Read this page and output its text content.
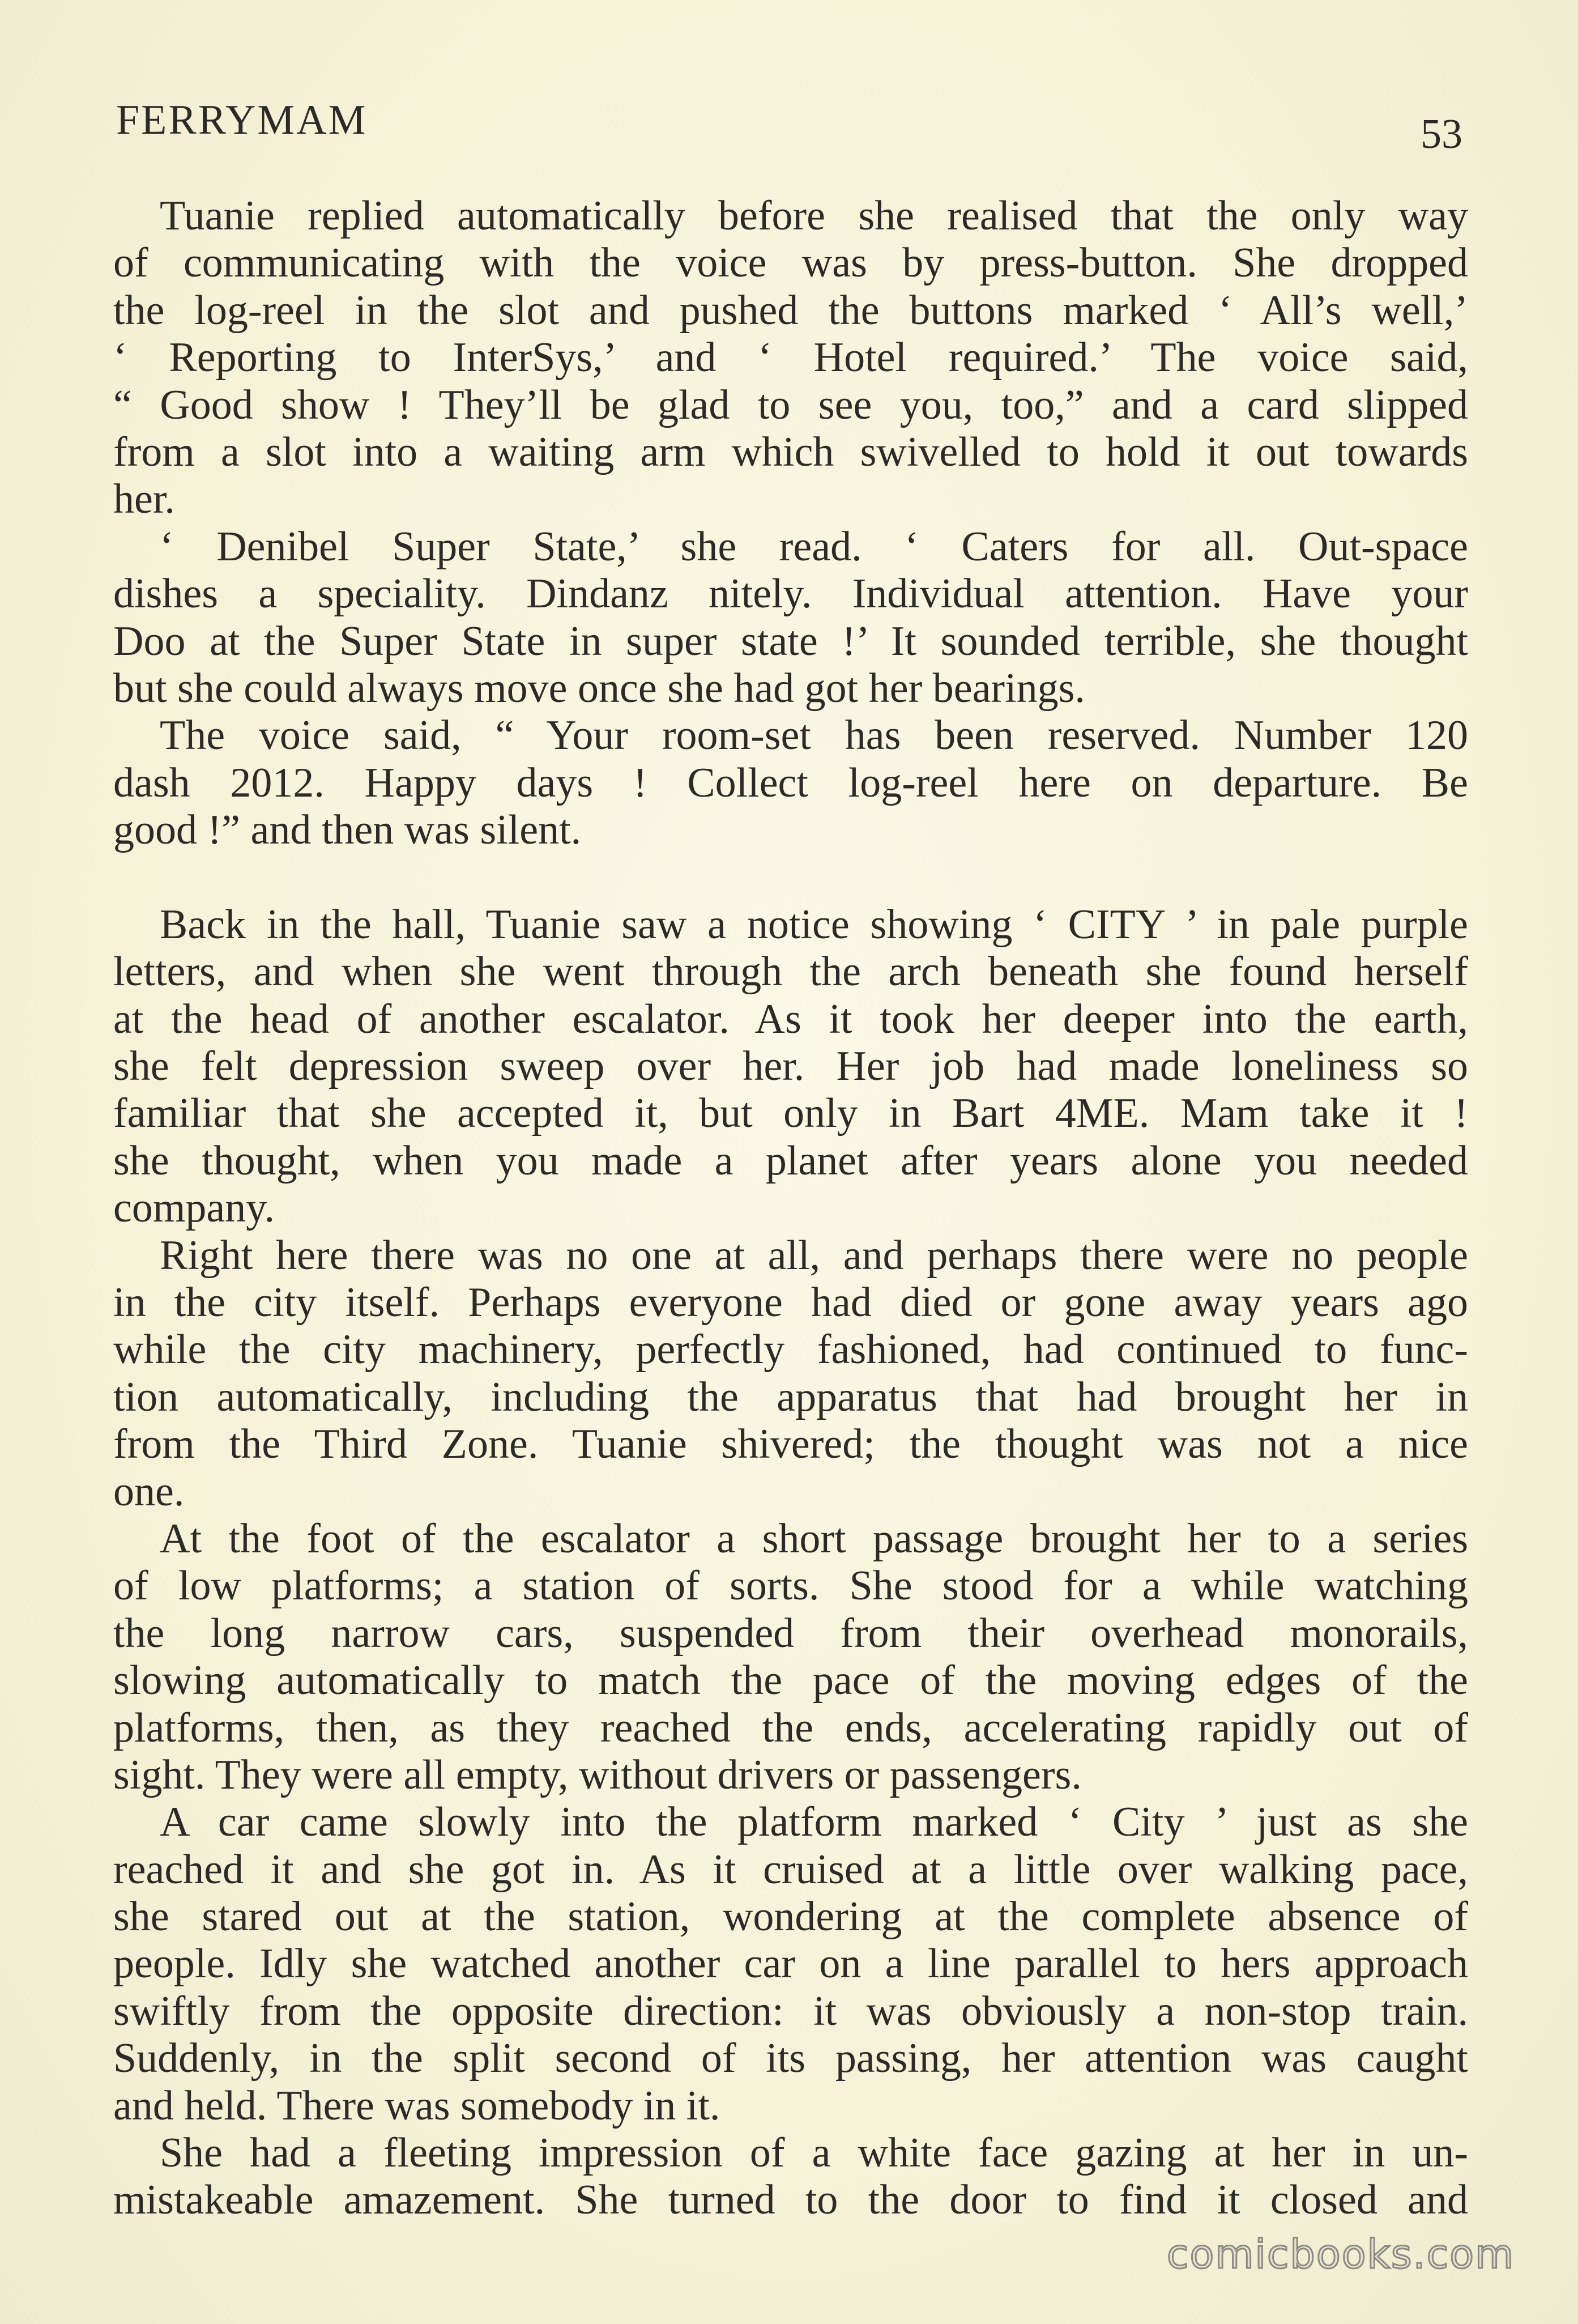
FERRYMAM	53
Tuanie replied automatically before she realised that the only way
of communicating with the voice was by press-button. She dropped
the log-reel in the slot and pushed the buttons marked ‘ All’s well,’
‘ Reporting to InterSys,’ and ‘ Hotel required.’ The voice said,
“ Good show ! They’ll be glad to see you, too,” and a card slipped
from a slot into a waiting arm which swivelled to hold it out towards
her.
‘ Denibel Super State,’ she read. ‘ Caters for all. Out-space
dishes a speciality. Dindanz nitely. Individual attention. Have your
Doo at the Super State in super state !’ It sounded terrible, she thought
but she could always move once she had got her bearings.
The voice said, “ Your room-set has been reserved. Number 120
dash 2012. Happy days ! Collect log-reel here on departure. Be
good !” and then was silent.
Back in the hall, Tuanie saw a notice showing ‘ CITY ’ in pale purple
letters, and when she went through the arch beneath she found herself
at the head of another escalator. As it took her deeper into the earth,
she felt depression sweep over her. Her job had made loneliness so
familiar that she accepted it, but only in Bart 4ME. Mam take it !
she thought, when you made a planet after years alone you needed
company.
Right here there was no one at all, and perhaps there were no people
in the city itself. Perhaps everyone had died or gone away years ago
while the city machinery, perfectly fashioned, had continued to func-
tion automatically, including the apparatus that had brought her in
from the Third Zone. Tuanie shivered; the thought was not a nice
one.
At the foot of the escalator a short passage brought her to a series
of low platforms; a station of sorts. She stood for a while watching
the long narrow cars, suspended from their overhead monorails,
slowing automatically to match the pace of the moving edges of the
platforms, then, as they reached the ends, accelerating rapidly out of
sight. They were all empty, without drivers or passengers.
A car came slowly into the platform marked ‘ City ’ just as she
reached it and she got in. As it cruised at a little over walking pace,
she stared out at the station, wondering at the complete absence of
people. Idly she watched another car on a line parallel to hers approach
swiftly from the opposite direction: it was obviously a non-stop train.
Suddenly, in the split second of its passing, her attention was caught
and held. There was somebody in it.
She had a fleeting impression of a white face gazing at her in un-
mistakeable amazement. She turned to the door to find it closed and
comicbooks.com
